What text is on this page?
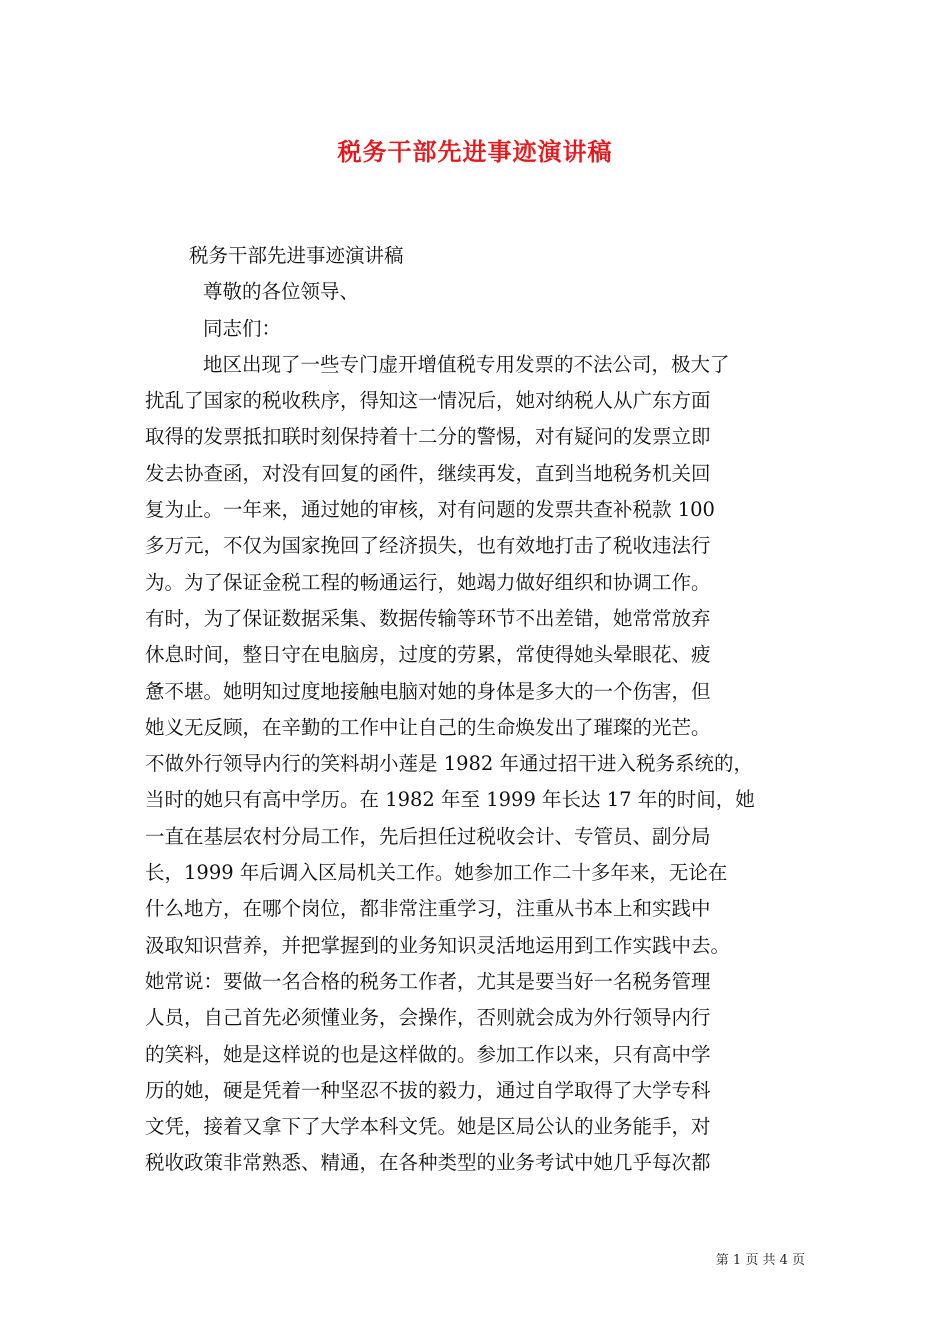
税务干部先进事迹演讲稿
税务干部先进事迹演讲稿
尊敬的各位领导、
同志们：
地区出现了一些专门虚开增值税专用发票的不法公司，极大了
扰乱了国家的税收秩序，得知这一情况后，她对纳税人从广东方面
取得的发票抵扣联时刻保持着十二分的警惕，对有疑问的发票立即
发去协查函，对没有回复的函件，继续再发，直到当地税务机关回
复为止。一年来，通过她的审核，对有问题的发票共查补税款 100
多万元，不仅为国家挽回了经济损失，也有效地打击了税收违法行
为。为了保证金税工程的畅通运行，她竭力做好组织和协调工作。
有时，为了保证数据采集、数据传输等环节不出差错，她常常放弃
休息时间，整日守在电脑房，过度的劳累，常使得她头晕眼花、疲
惫不堪。她明知过度地接触电脑对她的身体是多大的一个伤害，但
她义无反顾，在辛勤的工作中让自己的生命焕发出了璀璨的光芒。
不做外行领导内行的笑料胡小莲是 1982 年通过招干进入税务系统的，
当时的她只有高中学历。在 1982 年至 1999 年长达 17 年的时间，她
一直在基层农村分局工作，先后担任过税收会计、专管员、副分局
长，1999 年后调入区局机关工作。她参加工作二十多年来，无论在
什么地方，在哪个岗位，都非常注重学习，注重从书本上和实践中
汲取知识营养，并把掌握到的业务知识灵活地运用到工作实践中去。
她常说：要做一名合格的税务工作者，尤其是要当好一名税务管理
人员，自己首先必须懂业务，会操作，否则就会成为外行领导内行
的笑料，她是这样说的也是这样做的。参加工作以来，只有高中学
历的她，硬是凭着一种坚忍不拔的毅力，通过自学取得了大学专科
文凭，接着又拿下了大学本科文凭。她是区局公认的业务能手，对
税收政策非常熟悉、精通，在各种类型的业务考试中她几乎每次都
第 1 页 共 4 页
